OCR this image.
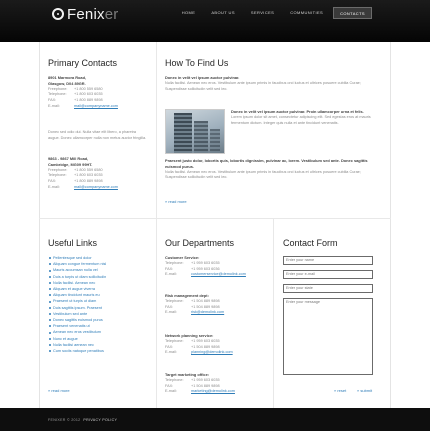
Fenixer	HOME	ABOUT US	SERVICES	COMMUNITIES	CONTACTS
Primary Contacts
8901 Marmora Road,
Glasgow, D04 89GR.
Freephone:	+1 800 559 6580
Telephone:	+1 800 603 6035
FAX:	+1 800 889 9898
E-mail:	mail@companyname.com
Donec sed odio dui. Nulla vitae elit libero, a pharetra augue. Donec ullamcorper nulla non metus auctor fringilla.
9863 - 9867 Mill Road,
Cambridge, MG09 99HT.
Freephone:	+1 800 559 6580
Telephone:	+1 800 603 6035
FAX:	+1 800 889 9898
E-mail:	mail@companyname.com
How To Find Us
Donec in velit vel ipsum auctor pulvinar.
Nulla facilisi. Aenean nec eros. Vestibulum ante ipsum primis in faucibus orci luctus et ultrices posuere cubilia Curae; Suspendisse sollicitudin velit sed leo.
Donec in velit vel ipsum auctor pulvinar. Proin ullamcorper urna et felis.
Lorem ipsum dolor sit amet, consectetur adipiscing elit. Sed egestas eros at mauris fermentum dictum. Integer quis nulla et ante tincidunt venenatis.
Praesent justo dolor, lobortis quis, lobortis dignissim, pulvinar ac, lorem. Vestibulum sed ante. Donec sagittis euismod purus.
Nulla facilisi. Aenean nec eros. Vestibulum ante ipsum primis in faucibus orci luctus et ultrices posuere cubilia Curae; Suspendisse sollicitudin velit sed leo.
» read more
Useful Links
Pellentesque sed dolor
Aliquam congue fermentum nisl
Mauris accumsan nulla vel
Duis a turpis ut diam sollicitudin
Nulla facilisi. Aenean nec
Aliquam et augue viverra
Aliquam tincidunt mauris eu
Praesent ut turpis ut diam
Duis sagittis ipsum. Praesent
Vestibulum sed ante
Donec sagittis euismod purus
Praesent venenatis ut
Aenean nec eros vestibulum
Nunc et augue
Nulla facilisi aenean nec
Cum sociis natoque penatibus
» read more
Our Departments
Customer Service:
Telephone:	+1 959 603 6035
FAX:	+1 959 603 6036
E-mail:	customerservice@demolink.com
Risk management dept:
Telephone:	+1 504 889 9898
FAX:	+1 504 889 9898
E-mail:	risk@demolink.com
Network planning service:
Telephone:	+1 959 603 6035
FAX:	+1 504 889 9898
E-mail:	planning@demolink.com
Target marketing office:
Telephone:	+1 959 603 6035
FAX:	+1 504 889 9898
E-mail:	marketing@demolink.com
Contact Form
Enter your name
Enter your e-mail
Enter your state
Enter your message
» reset	» submit
FENIXER © 2012 PRIVACY POLICY
